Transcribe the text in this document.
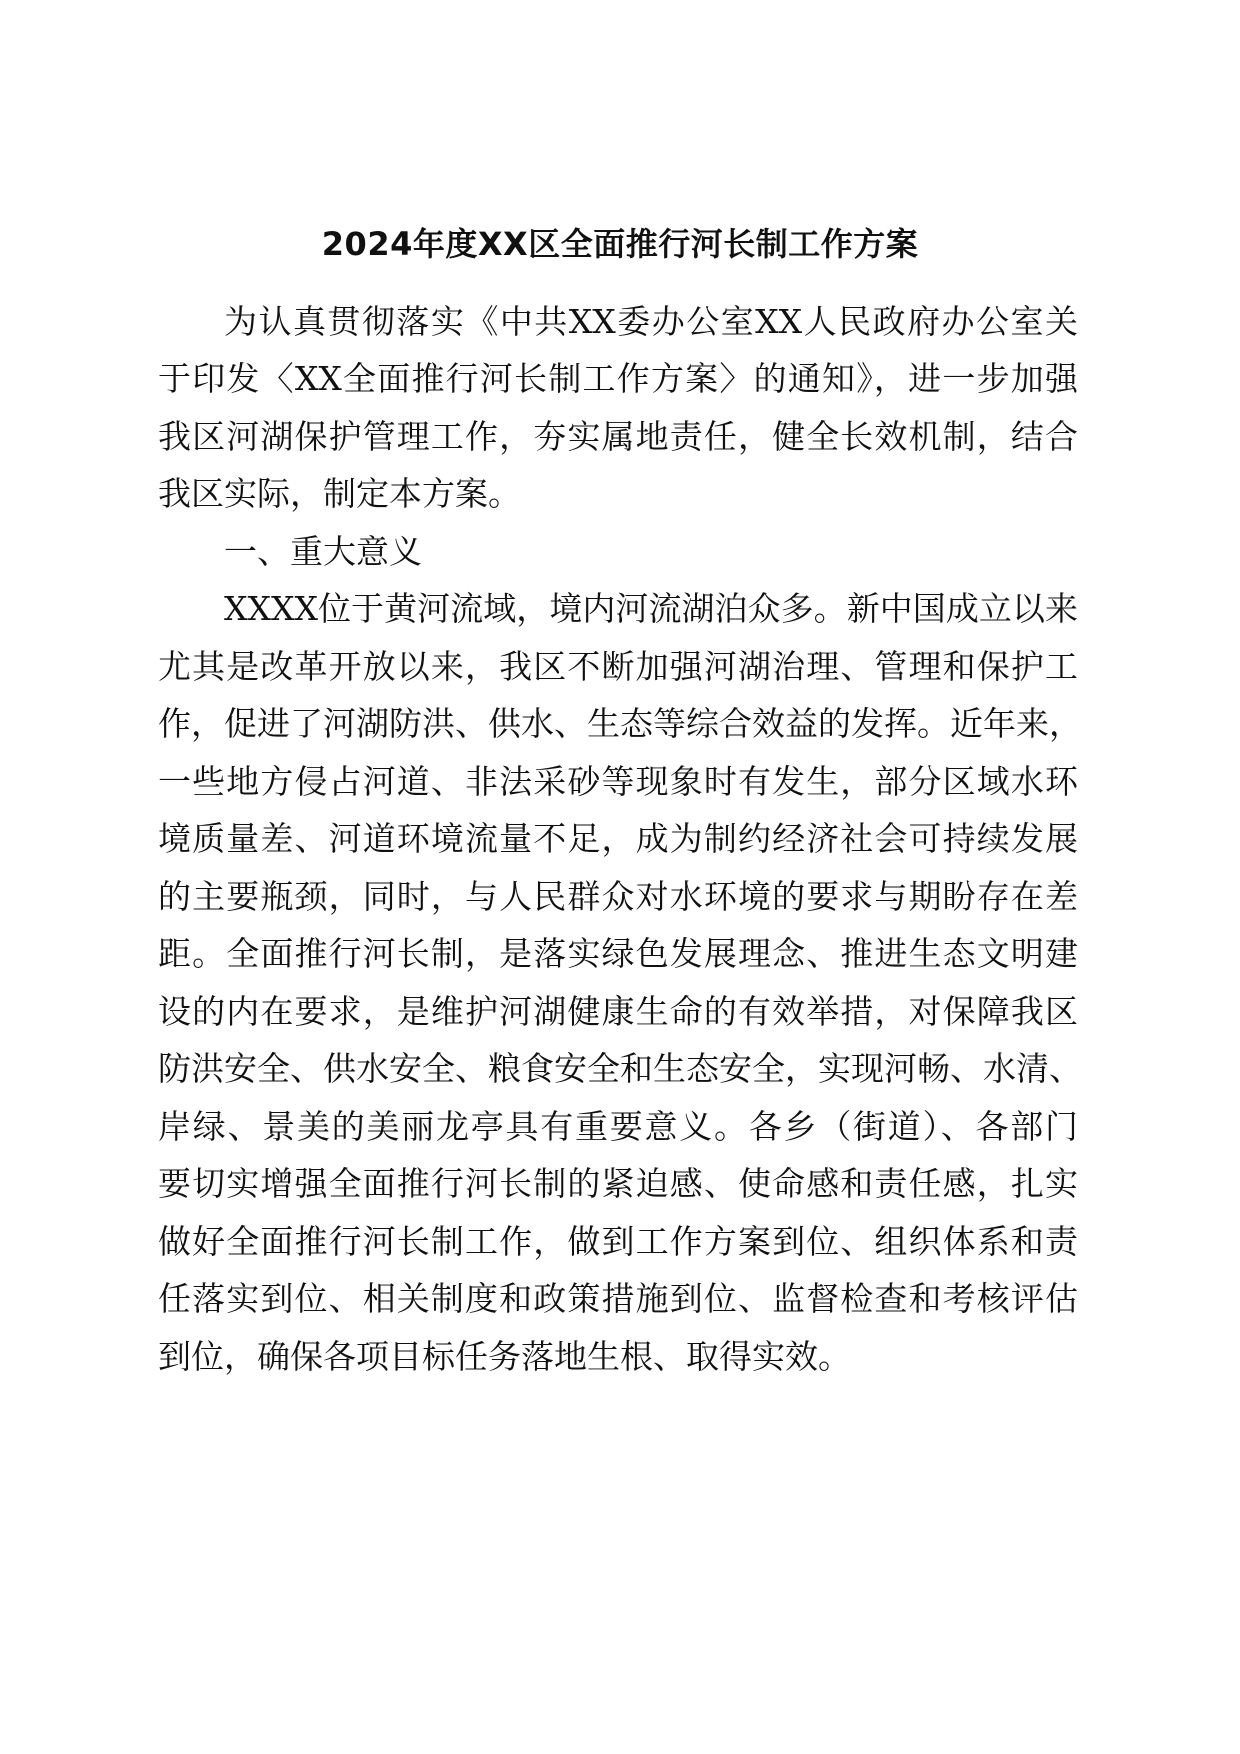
2024年度XX区全面推行河长制工作方案

为认真贯彻落实《中共XX委办公室XX人民政府办公室关

于印发〈XX全面推行河长制工作方案〉的通知》，进一步加强

我区河湖保护管理工作，夯实属地责任，健全长效机制，结合

我区实际，制定本方案。

一、重大意义

XXXX位于黄河流域，境内河流湖泊众多。新中国成立以来

尤其是改革开放以来，我区不断加强河湖治理、管理和保护工

作，促进了河湖防洪、供水、生态等综合效益的发挥。近年来，

一些地方侵占河道、非法采砂等现象时有发生，部分区域水环

境质量差、河道环境流量不足，成为制约经济社会可持续发展

的主要瓶颈，同时，与人民群众对水环境的要求与期盼存在差

距。全面推行河长制，是落实绿色发展理念、推进生态文明建

设的内在要求，是维护河湖健康生命的有效举措，对保障我区

防洪安全、供水安全、粮食安全和生态安全，实现河畅、水清、

岸绿、景美的美丽龙亭具有重要意义。各乡（街道）、各部门

要切实增强全面推行河长制的紧迫感、使命感和责任感，扎实

做好全面推行河长制工作，做到工作方案到位、组织体系和责

任落实到位、相关制度和政策措施到位、监督检查和考核评估

到位，确保各项目标任务落地生根、取得实效。
